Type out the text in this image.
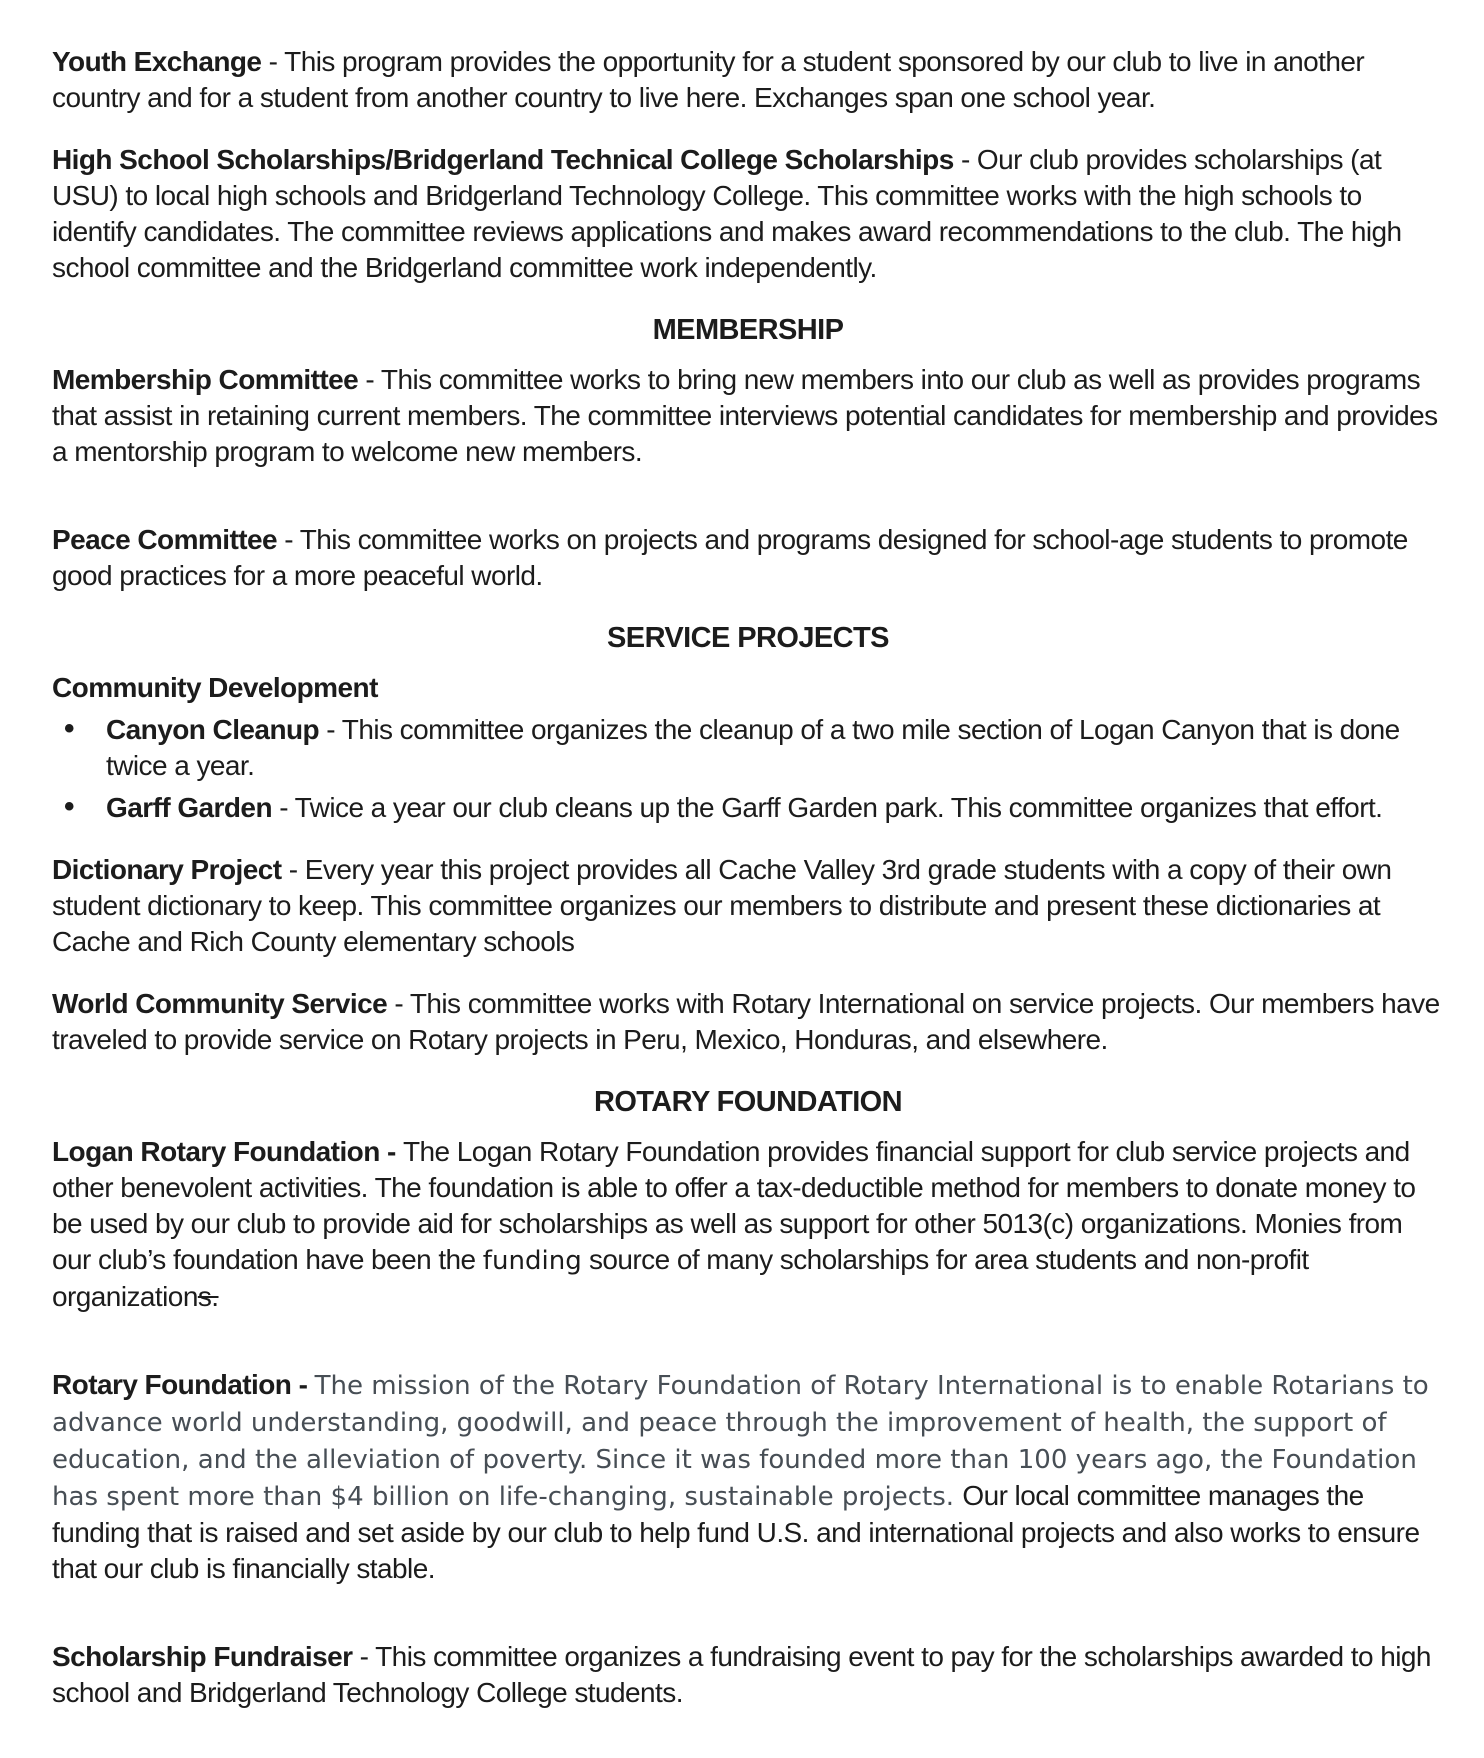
Youth Exchange - This program provides the opportunity for a student sponsored by our club to live in another country and for a student from another country to live here. Exchanges span one school year.
High School Scholarships/Bridgerland Technical College Scholarships - Our club provides scholarships (at USU) to local high schools and Bridgerland Technology College. This committee works with the high schools to identify candidates. The committee reviews applications and makes award recommendations to the club. The high school committee and the Bridgerland committee work independently.
MEMBERSHIP
Membership Committee - This committee works to bring new members into our club as well as provides programs that assist in retaining current members. The committee interviews potential candidates for membership and provides a mentorship program to welcome new members.
Peace Committee - This committee works on projects and programs designed for school-age students to promote good practices for a more peaceful world.
SERVICE PROJECTS
Community Development
• Canyon Cleanup - This committee organizes the cleanup of a two mile section of Logan Canyon that is done twice a year.
• Garff Garden - Twice a year our club cleans up the Garff Garden park. This committee organizes that effort.
Dictionary Project - Every year this project provides all Cache Valley 3rd grade students with a copy of their own student dictionary to keep. This committee organizes our members to distribute and present these dictionaries at Cache and Rich County elementary schools
World Community Service - This committee works with Rotary International on service projects. Our members have traveled to provide service on Rotary projects in Peru, Mexico, Honduras, and elsewhere.
ROTARY FOUNDATION
Logan Rotary Foundation - The Logan Rotary Foundation provides financial support for club service projects and other benevolent activities. The foundation is able to offer a tax-deductible method for members to donate money to be used by our club to provide aid for scholarships as well as support for other 5013(c) organizations. Monies from our club’s foundation have been the funding source of many scholarships for area students and non-profit organizations.
Rotary Foundation - The mission of the Rotary Foundation of Rotary International is to enable Rotarians to advance world understanding, goodwill, and peace through the improvement of health, the support of education, and the alleviation of poverty. Since it was founded more than 100 years ago, the Foundation has spent more than $4 billion on life-changing, sustainable projects. Our local committee manages the funding that is raised and set aside by our club to help fund U.S. and international projects and also works to ensure that our club is financially stable.
Scholarship Fundraiser - This committee organizes a fundraising event to pay for the scholarships awarded to high school and Bridgerland Technology College students.
